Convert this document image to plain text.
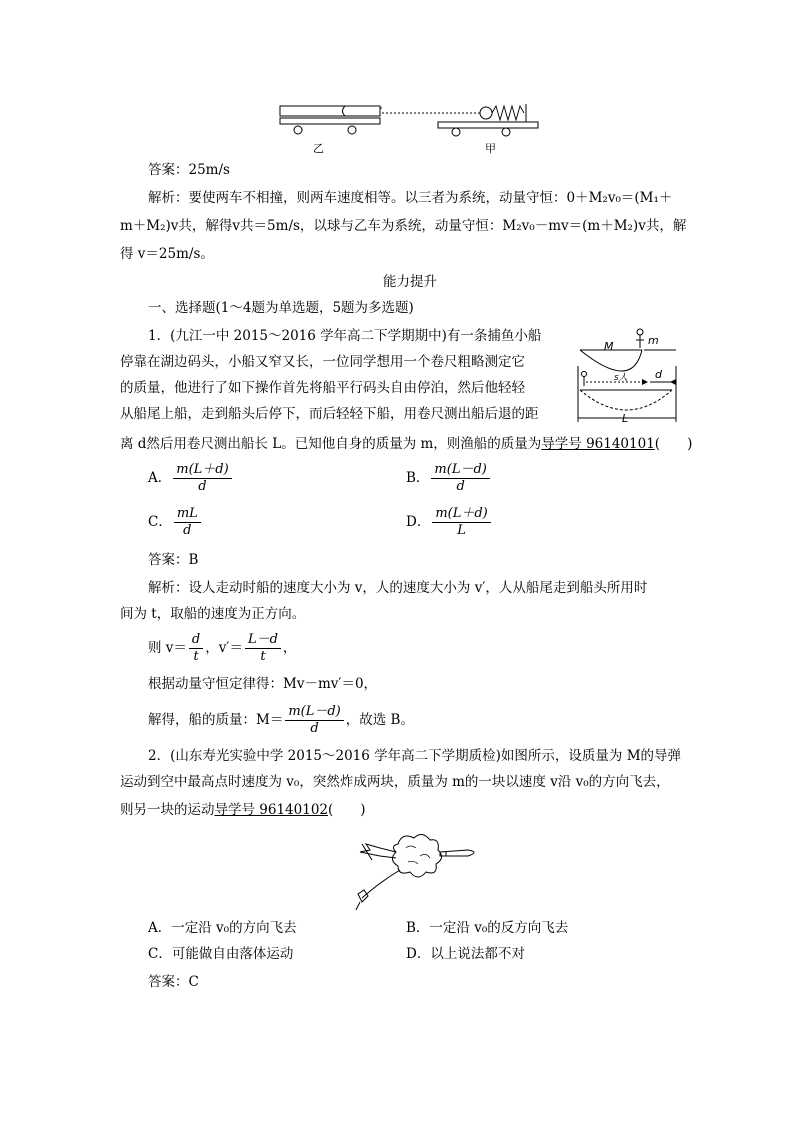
乙	甲
答案：25m/s
解析：要使两车不相撞，则两车速度相等。以三者为系统，动量守恒：0＋M₂v₀＝(M₁＋
m＋M₂)v共，解得v共＝5m/s，以球与乙车为系统，动量守恒：M₂v₀－mv＝(m＋M₂)v共，解
得 v＝25m/s。
能力提升
一、选择题(1～4题为单选题，5题为多选题)
1．(九江一中 2015～2016 学年高二下学期期中)有一条捕鱼小船
停靠在湖边码头，小船又窄又长，一位同学想用一个卷尺粗略测定它
的质量，他进行了如下操作首先将船平行码头自由停泊，然后他轻轻
从船尾上船，走到船头后停下，而后轻轻下船，用卷尺测出船后退的距
离 d然后用卷尺测出船长 L。已知他自身的质量为 m，则渔船的质量为导学号 96140101(　　)
m
M
d
s人
L
A． $\frac{m(L+d)}{d}$	B． $\frac{m(L-d)}{d}$
C． $\frac{mL}{d}$	D． $\frac{m(L+d)}{L}$
答案：B
解析：设人走动时船的速度大小为 v，人的速度大小为 v′，人从船尾走到船头所用时
间为 t，取船的速度为正方向。
则 $v= \frac{d}{t}$ ，$v'= \frac{L-d}{t}$ ，
根据动量守恒定律得：Mv－mv′＝0，
解得，船的质量：$M= \frac{m(L-d)}{d}$ ，故选 B。
2．(山东寿光实验中学 2015～2016 学年高二下学期质检)如图所示，设质量为 M的导弹
运动到空中最高点时速度为 v₀，突然炸成两块，质量为 m的一块以速度 v沿 v₀的方向飞去，
则另一块的运动导学号 96140102(　　)
A．一定沿 v₀的方向飞去	B．一定沿 v₀的反方向飞去
C．可能做自由落体运动	D．以上说法都不对
答案：C
